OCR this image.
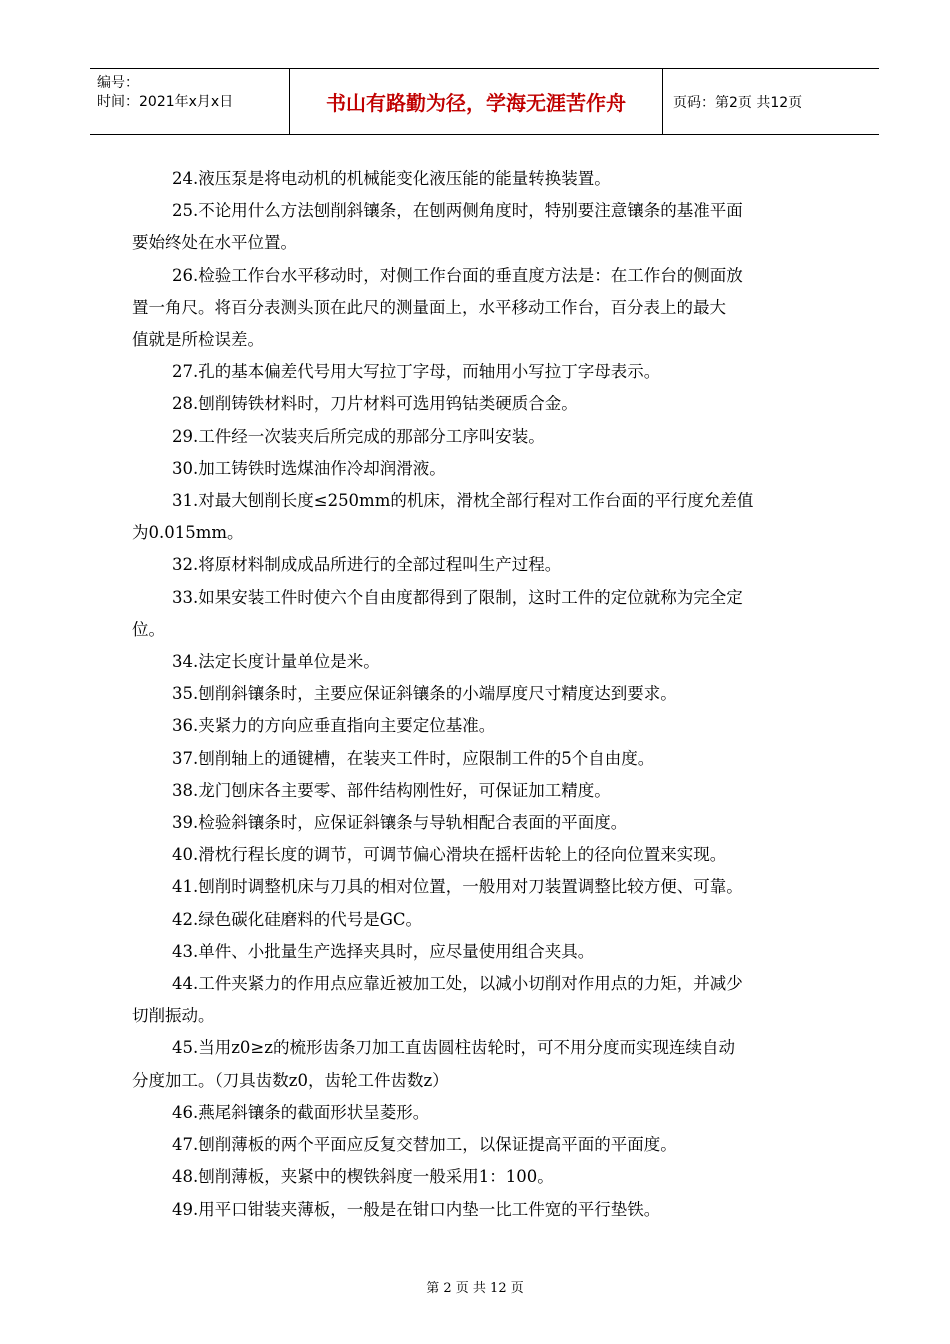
编号：
时间：2021年x月x日	书山有路勤为径，学海无涯苦作舟	页码：第2页 共12页

24.液压泵是将电动机的机械能变化液压能的能量转换装置。

25.不论用什么方法刨削斜镶条，在刨两侧角度时，特别要注意镶条的基准平面

要始终处在水平位置。

26.检验工作台水平移动时，对侧工作台面的垂直度方法是：在工作台的侧面放

置一角尺。将百分表测头顶在此尺的测量面上，水平移动工作台，百分表上的最大

值就是所检误差。

27.孔的基本偏差代号用大写拉丁字母，而轴用小写拉丁字母表示。

28.刨削铸铁材料时，刀片材料可选用钨钴类硬质合金。

29.工件经一次装夹后所完成的那部分工序叫安装。

30.加工铸铁时选煤油作冷却润滑液。

31.对最大刨削长度≤250mm的机床，滑枕全部行程对工作台面的平行度允差值

为0.015mm。

32.将原材料制成成品所进行的全部过程叫生产过程。

33.如果安装工件时使六个自由度都得到了限制，这时工件的定位就称为完全定

位。

34.法定长度计量单位是米。

35.刨削斜镶条时，主要应保证斜镶条的小端厚度尺寸精度达到要求。

36.夹紧力的方向应垂直指向主要定位基准。

37.刨削轴上的通键槽，在装夹工件时，应限制工件的5个自由度。

38.龙门刨床各主要零、部件结构刚性好，可保证加工精度。

39.检验斜镶条时，应保证斜镶条与导轨相配合表面的平面度。

40.滑枕行程长度的调节，可调节偏心滑块在摇杆齿轮上的径向位置来实现。

41.刨削时调整机床与刀具的相对位置，一般用对刀装置调整比较方便、可靠。

42.绿色碳化硅磨料的代号是GC。

43.单件、小批量生产选择夹具时，应尽量使用组合夹具。

44.工件夹紧力的作用点应靠近被加工处，以减小切削对作用点的力矩，并减少

切削振动。

45.当用z0≥z的梳形齿条刀加工直齿圆柱齿轮时，可不用分度而实现连续自动

分度加工。（刀具齿数z0，齿轮工件齿数z）

46.燕尾斜镶条的截面形状呈菱形。

47.刨削薄板的两个平面应反复交替加工，以保证提高平面的平面度。

48.刨削薄板，夹紧中的楔铁斜度一般采用1：100。

49.用平口钳装夹薄板，一般是在钳口内垫一比工件宽的平行垫铁。

第 2 页 共 12 页
